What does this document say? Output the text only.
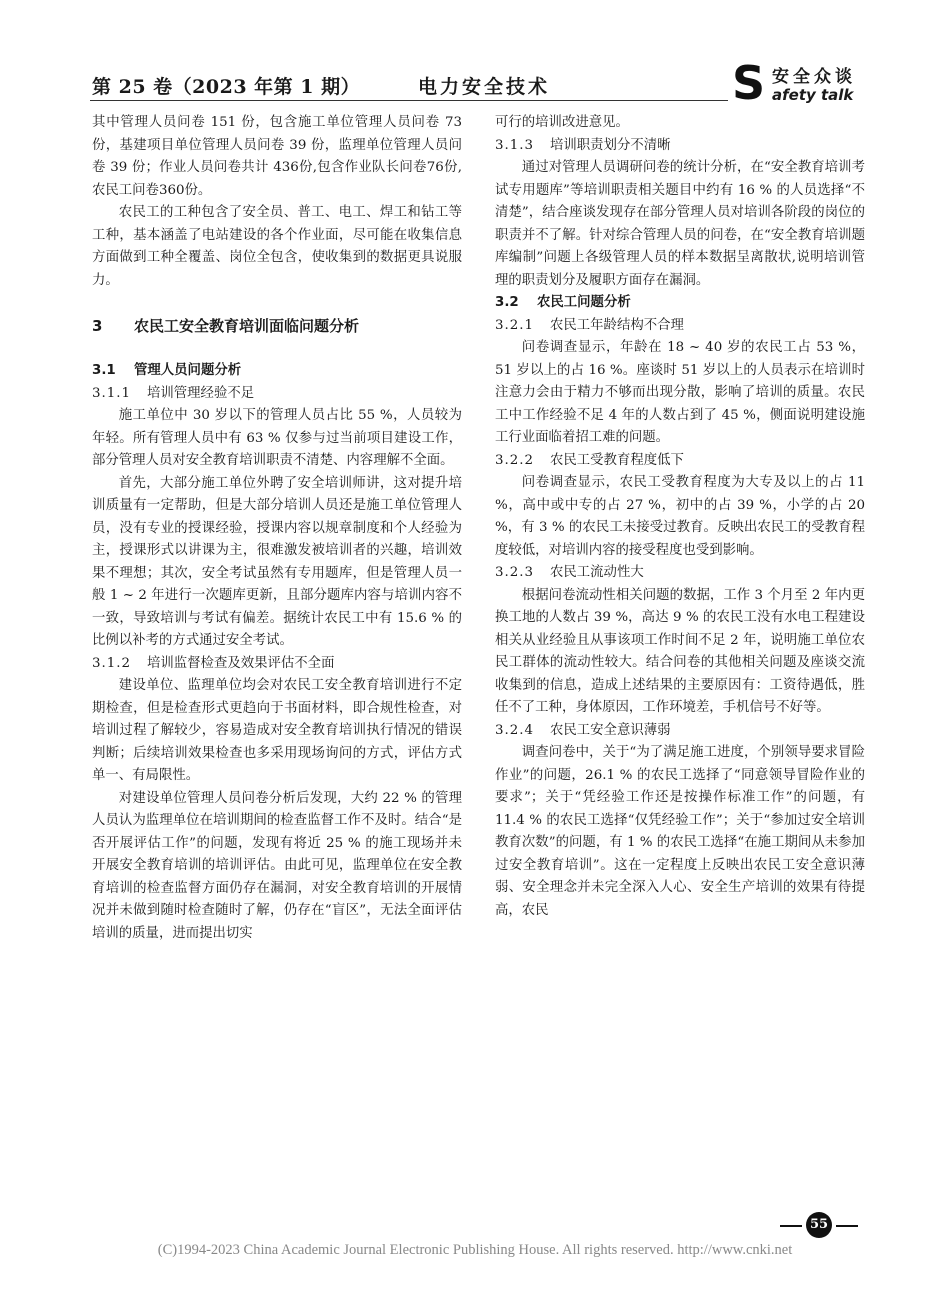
第 25 卷（2023 年第 1 期）	电力安全技术	S 安全众谈
afety talk

其中管理人员问卷 151 份，包含施工单位管理人员问卷 73 份，基建项目单位管理人员问卷 39 份，监理单位管理人员问卷 39 份；作业人员问卷共计 436份,包含作业队长问卷76份,农民工问卷360份。

农民工的工种包含了安全员、普工、电工、焊工和钻工等工种，基本涵盖了电站建设的各个作业面，尽可能在收集信息方面做到工种全覆盖、岗位全包含，使收集到的数据更具说服力。

3 农民工安全教育培训面临问题分析

3.1 管理人员问题分析

3.1.1 培训管理经验不足

施工单位中 30 岁以下的管理人员占比 55 %，人员较为年轻。所有管理人员中有 63 % 仅参与过当前项目建设工作，部分管理人员对安全教育培训职责不清楚、内容理解不全面。

首先，大部分施工单位外聘了安全培训师讲，这对提升培训质量有一定帮助，但是大部分培训人员还是施工单位管理人员，没有专业的授课经验，授课内容以规章制度和个人经验为主，授课形式以讲课为主，很难激发被培训者的兴趣，培训效果不理想；其次，安全考试虽然有专用题库，但是管理人员一般 1 ~ 2 年进行一次题库更新，且部分题库内容与培训内容不一致，导致培训与考试有偏差。据统计农民工中有 15.6 % 的比例以补考的方式通过安全考试。

3.1.2 培训监督检查及效果评估不全面

建设单位、监理单位均会对农民工安全教育培训进行不定期检查，但是检查形式更趋向于书面材料，即合规性检查，对培训过程了解较少，容易造成对安全教育培训执行情况的错误判断；后续培训效果检查也多采用现场询问的方式，评估方式单一、有局限性。

对建设单位管理人员问卷分析后发现，大约 22 % 的管理人员认为监理单位在培训期间的检查监督工作不及时。结合“是否开展评估工作”的问题，发现有将近 25 % 的施工现场并未开展安全教育培训的培训评估。由此可见，监理单位在安全教育培训的检查监督方面仍存在漏洞，对安全教育培训的开展情况并未做到随时检查随时了解，仍存在“盲区”，无法全面评估培训的质量，进而提出切实

可行的培训改进意见。

3.1.3 培训职责划分不清晰

通过对管理人员调研问卷的统计分析，在“安全教育培训考试专用题库”等培训职责相关题目中约有 16 % 的人员选择“不清楚”，结合座谈发现存在部分管理人员对培训各阶段的岗位的职责并不了解。针对综合管理人员的问卷，在“安全教育培训题库编制”问题上各级管理人员的样本数据呈离散状,说明培训管理的职责划分及履职方面存在漏洞。

3.2 农民工问题分析

3.2.1 农民工年龄结构不合理

问卷调查显示，年龄在 18 ~ 40 岁的农民工占 53 %，51 岁以上的占 16 %。座谈时 51 岁以上的人员表示在培训时注意力会由于精力不够而出现分散，影响了培训的质量。农民工中工作经验不足 4 年的人数占到了 45 %，侧面说明建设施工行业面临着招工难的问题。

3.2.2 农民工受教育程度低下

问卷调查显示，农民工受教育程度为大专及以上的占 11 %，高中或中专的占 27 %，初中的占 39 %，小学的占 20 %，有 3 % 的农民工未接受过教育。反映出农民工的受教育程度较低，对培训内容的接受程度也受到影响。

3.2.3 农民工流动性大

根据问卷流动性相关问题的数据，工作 3 个月至 2 年内更换工地的人数占 39 %，高达 9 % 的农民工没有水电工程建设相关从业经验且从事该项工作时间不足 2 年，说明施工单位农民工群体的流动性较大。结合问卷的其他相关问题及座谈交流收集到的信息，造成上述结果的主要原因有：工资待遇低，胜任不了工种，身体原因，工作环境差，手机信号不好等。

3.2.4 农民工安全意识薄弱

调查问卷中，关于“为了满足施工进度，个别领导要求冒险作业”的问题，26.1 % 的农民工选择了“同意领导冒险作业的要求”；关于“凭经验工作还是按操作标准工作”的问题，有 11.4 % 的农民工选择“仅凭经验工作”；关于“参加过安全培训教育次数”的问题，有 1 % 的农民工选择“在施工期间从未参加过安全教育培训”。这在一定程度上反映出农民工安全意识薄弱、安全理念并未完全深入人心、安全生产培训的效果有待提高，农民

55
(C)1994-2023 China Academic Journal Electronic Publishing House. All rights reserved. http://www.cnki.net
